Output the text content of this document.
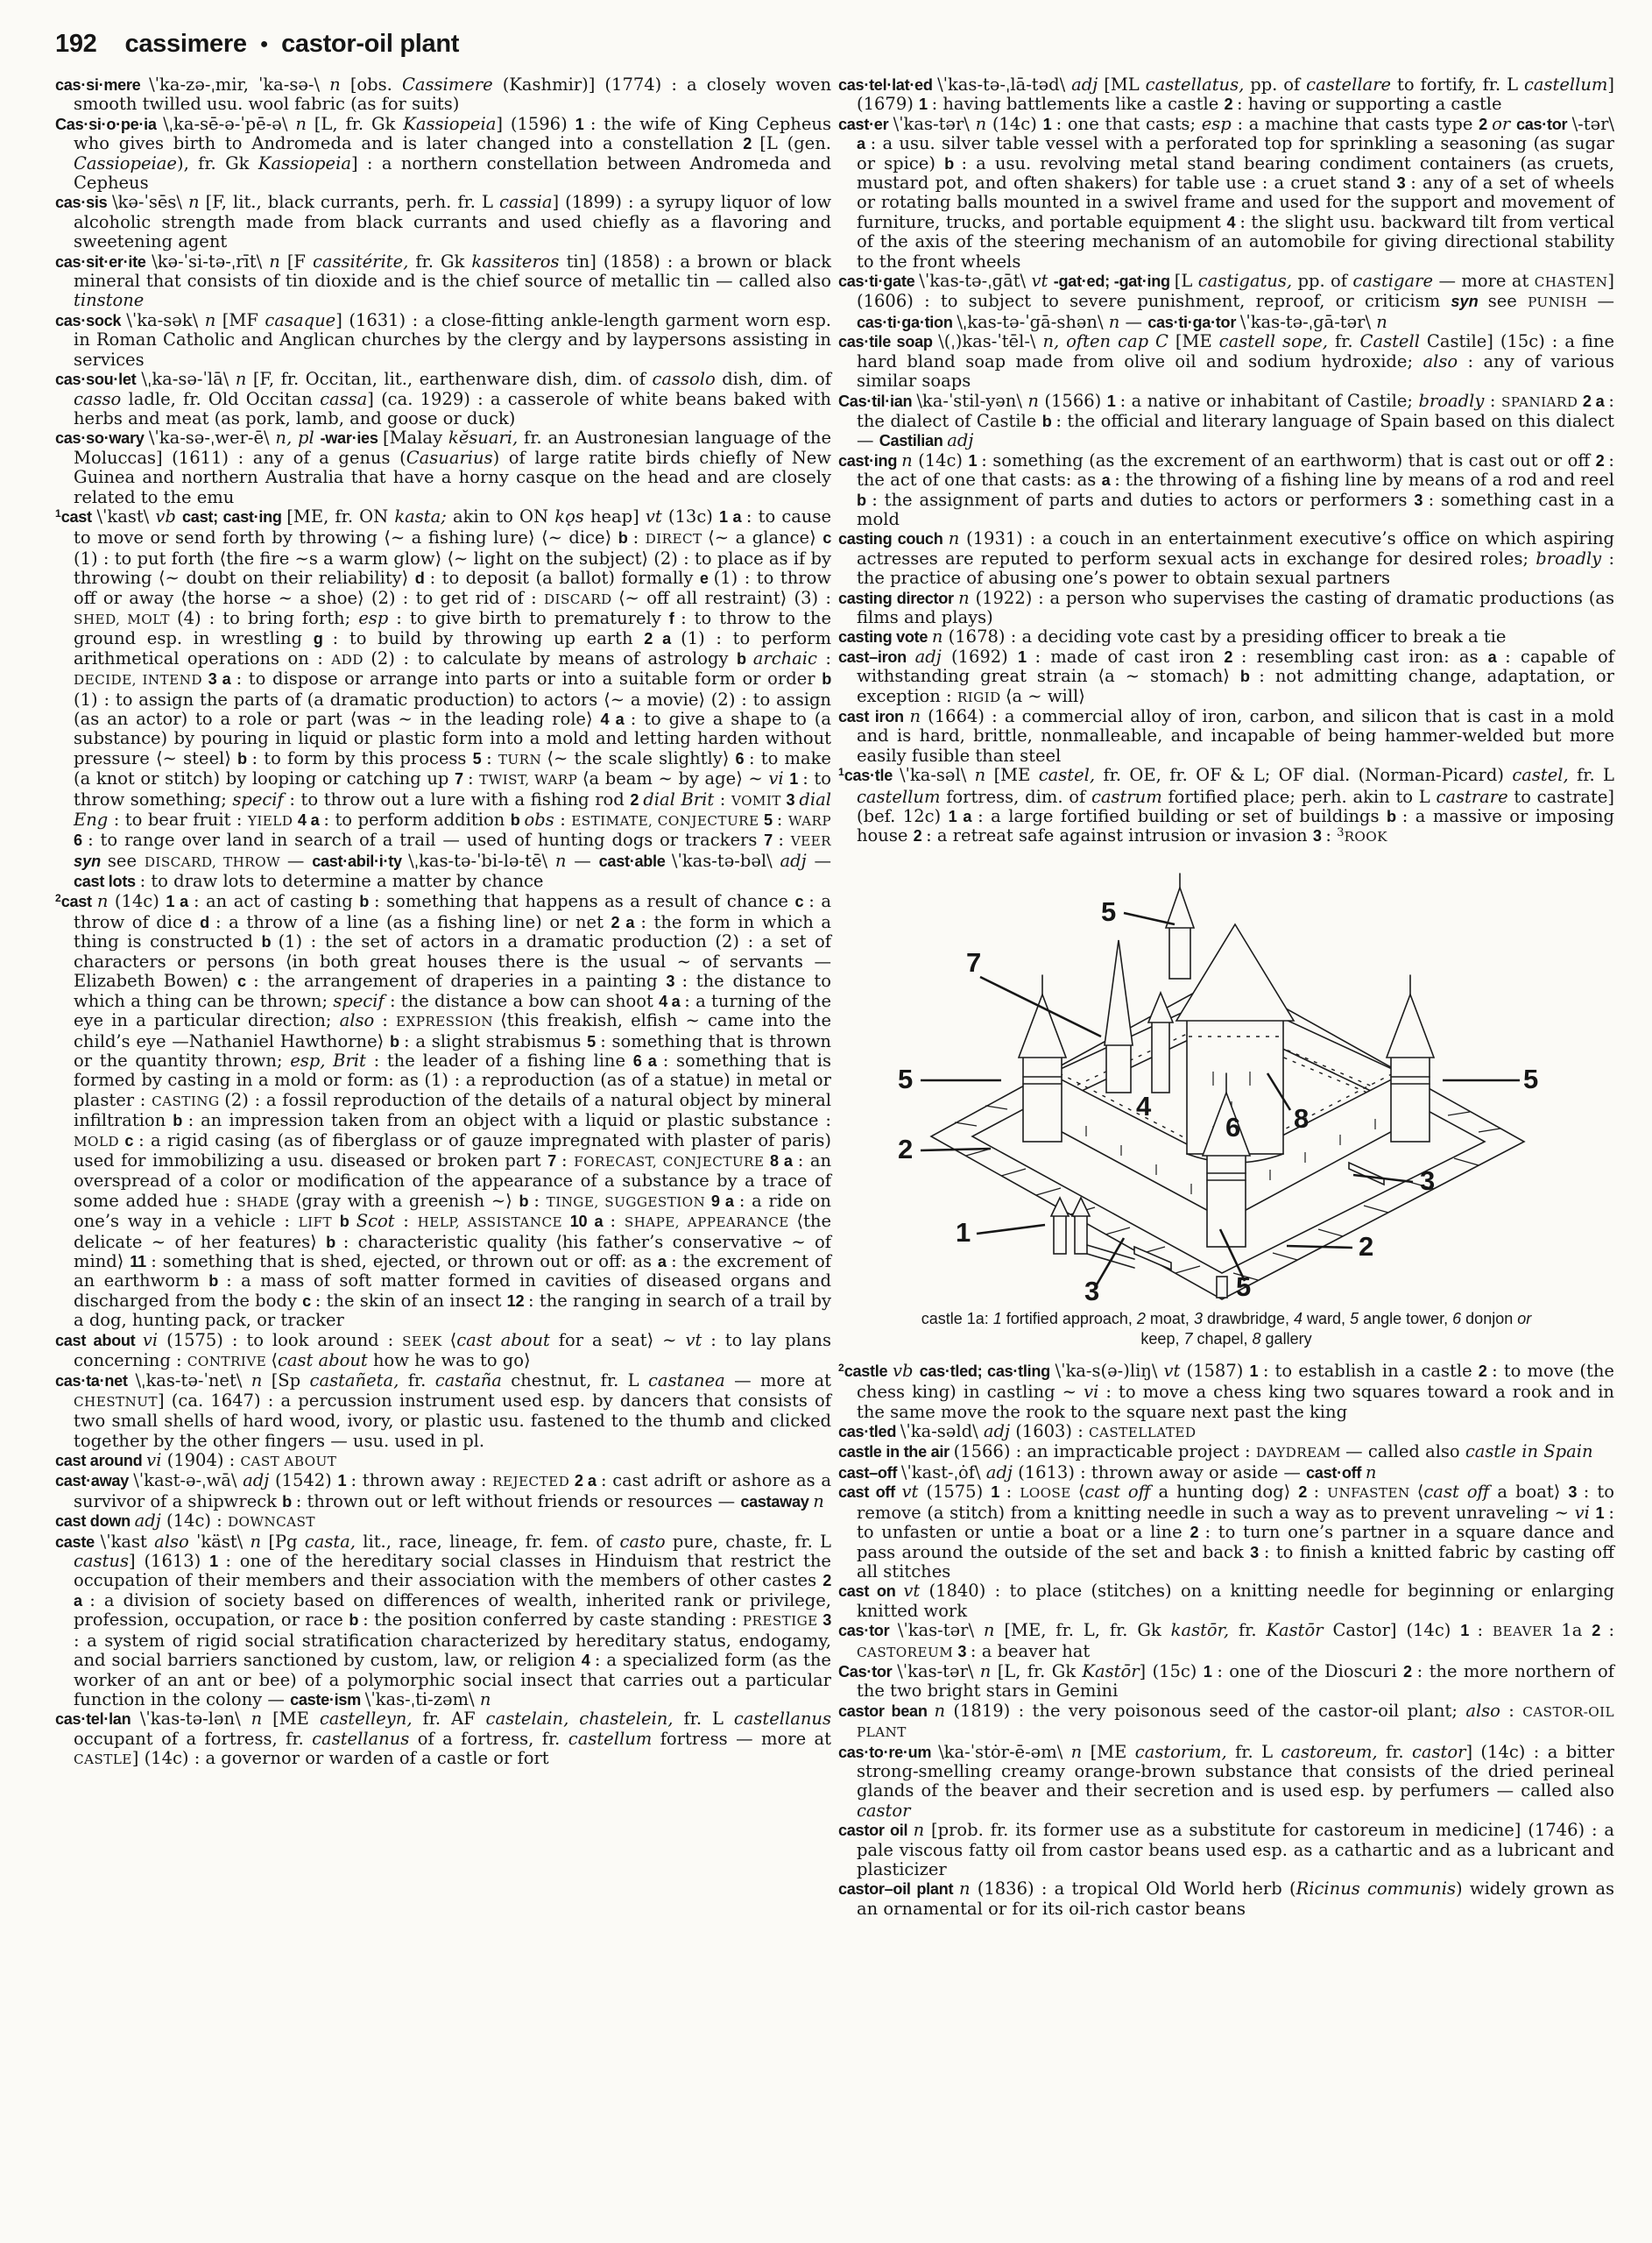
192 cassimere ● castor-oil plant

cas·si·mere \ˈka-zə-ˌmir, ˈka-sə-\ n [obs. Cassimere (Kashmir)] (1774) : a closely woven smooth twilled usu. wool fabric (as for suits)

Cas·si·o·pe·ia \ˌka-sē-ə-ˈpē-ə\ n [L, fr. Gk Kassiopeia] (1596) 1 : the wife of King Cepheus who gives birth to Andromeda and is later changed into a constellation 2 [L (gen. Cassiopeiae), fr. Gk Kassiopeia] : a northern constellation between Andromeda and Cepheus

cas·sis \kə-ˈsēs\ n [F, lit., black currants, perh. fr. L cassia] (1899) : a syrupy liquor of low alcoholic strength made from black currants and used chiefly as a flavoring and sweetening agent

cas·sit·er·ite \kə-ˈsi-tə-ˌrīt\ n [F cassitérite, fr. Gk kassiteros tin] (1858) : a brown or black mineral that consists of tin dioxide and is the chief source of metallic tin — called also tinstone

cas·sock \ˈka-sək\ n [MF casaque] (1631) : a close-fitting ankle-length garment worn esp. in Roman Catholic and Anglican churches by the clergy and by laypersons assisting in services

cas·sou·let \ˌka-sə-ˈlā\ n [F, fr. Occitan, lit., earthenware dish, dim. of cassolo dish, dim. of casso ladle, fr. Old Occitan cassa] (ca. 1929) : a casserole of white beans baked with herbs and meat (as pork, lamb, and goose or duck)

cas·so·wary \ˈka-sə-ˌwer-ē\ n, pl -war·ies [Malay kĕsuari, fr. an Austronesian language of the Moluccas] (1611) : any of a genus (Casuarius) of large ratite birds chiefly of New Guinea and northern Australia that have a horny casque on the head and are closely related to the emu

$^1$cast \ˈkast\ vb cast; cast·ing [ME, fr. ON kasta; akin to ON kǫs heap] vt (13c) 1 a : to cause to move or send forth by throwing ⟨∼ a fishing lure⟩ ⟨∼ dice⟩ b : DIRECT ⟨∼ a glance⟩ c (1) : to put forth ⟨the fire ∼s a warm glow⟩ ⟨∼ light on the subject⟩ (2) : to place as if by throwing ⟨∼ doubt on their reliability⟩ d : to deposit (a ballot) formally e (1) : to throw off or away ⟨the horse ∼ a shoe⟩ (2) : to get rid of : DISCARD ⟨∼ off all restraint⟩ (3) : SHED, MOLT (4) : to bring forth; esp : to give birth to prematurely f : to throw to the ground esp. in wrestling g : to build by throwing up earth 2 a (1) : to perform arithmetical operations on : ADD (2) : to calculate by means of astrology b archaic : DECIDE, INTEND 3 a : to dispose or arrange into parts or into a suitable form or order b (1) : to assign the parts of (a dramatic production) to actors ⟨∼ a movie⟩ (2) : to assign (as an actor) to a role or part ⟨was ∼ in the leading role⟩ 4 a : to give a shape to (a substance) by pouring in liquid or plastic form into a mold and letting harden without pressure ⟨∼ steel⟩ b : to form by this process 5 : TURN ⟨∼ the scale slightly⟩ 6 : to make (a knot or stitch) by looping or catching up 7 : TWIST, WARP ⟨a beam ∼ by age⟩ ∼ vi 1 : to throw something; specif : to throw out a lure with a fishing rod 2 dial Brit : VOMIT 3 dial Eng : to bear fruit : YIELD 4 a : to perform addition b obs : ESTIMATE, CONJECTURE 5 : WARP 6 : to range over land in search of a trail — used of hunting dogs or trackers 7 : VEER syn see DISCARD, THROW — cast·abil·i·ty \ˌkas-tə-ˈbi-lə-tē\ n — cast·able \ˈkas-tə-bəl\ adj — cast lots : to draw lots to determine a matter by chance

$^2$cast n (14c) 1 a : an act of casting b : something that happens as a result of chance c : a throw of dice d : a throw of a line (as a fishing line) or net 2 a : the form in which a thing is constructed b (1) : the set of actors in a dramatic production (2) : a set of characters or persons ⟨in both great houses there is the usual ∼ of servants —Elizabeth Bowen⟩ c : the arrangement of draperies in a painting 3 : the distance to which a thing can be thrown; specif : the distance a bow can shoot 4 a : a turning of the eye in a particular direction; also : EXPRESSION ⟨this freakish, elfish ∼ came into the child’s eye —Nathaniel Hawthorne⟩ b : a slight strabismus 5 : something that is thrown or the quantity thrown; esp, Brit : the leader of a fishing line 6 a : something that is formed by casting in a mold or form: as (1) : a reproduction (as of a statue) in metal or plaster : CASTING (2) : a fossil reproduction of the details of a natural object by mineral infiltration b : an impression taken from an object with a liquid or plastic substance : MOLD c : a rigid casing (as of fiberglass or of gauze impregnated with plaster of paris) used for immobilizing a usu. diseased or broken part 7 : FORECAST, CONJECTURE 8 a : an overspread of a color or modification of the appearance of a substance by a trace of some added hue : SHADE ⟨gray with a greenish ∼⟩ b : TINGE, SUGGESTION 9 a : a ride on one’s way in a vehicle : LIFT b Scot : HELP, ASSISTANCE 10 a : SHAPE, APPEARANCE ⟨the delicate ∼ of her features⟩ b : characteristic quality ⟨his father’s conservative ∼ of mind⟩ 11 : something that is shed, ejected, or thrown out or off: as a : the excrement of an earthworm b : a mass of soft matter formed in cavities of diseased organs and discharged from the body c : the skin of an insect 12 : the ranging in search of a trail by a dog, hunting pack, or tracker

cast about vi (1575) : to look around : SEEK ⟨cast about for a seat⟩ ∼ vt : to lay plans concerning : CONTRIVE ⟨cast about how he was to go⟩

cas·ta·net \ˌkas-tə-ˈnet\ n [Sp castañeta, fr. castaña chestnut, fr. L castanea — more at CHESTNUT] (ca. 1647) : a percussion instrument used esp. by dancers that consists of two small shells of hard wood, ivory, or plastic usu. fastened to the thumb and clicked together by the other fingers — usu. used in pl.

cast around vi (1904) : CAST ABOUT

cast·away \ˈkast-ə-ˌwā\ adj (1542) 1 : thrown away : REJECTED 2 a : cast adrift or ashore as a survivor of a shipwreck b : thrown out or left without friends or resources — castaway n

cast down adj (14c) : DOWNCAST

caste \ˈkast also ˈkäst\ n [Pg casta, lit., race, lineage, fr. fem. of casto pure, chaste, fr. L castus] (1613) 1 : one of the hereditary social classes in Hinduism that restrict the occupation of their members and their association with the members of other castes 2 a : a division of society based on differences of wealth, inherited rank or privilege, profession, occupation, or race b : the position conferred by caste standing : PRESTIGE 3 : a system of rigid social stratification characterized by hereditary status, endogamy, and social barriers sanctioned by custom, law, or religion 4 : a specialized form (as the worker of an ant or bee) of a polymorphic social insect that carries out a particular function in the colony — caste·ism \ˈkas-ˌti-zəm\ n

cas·tel·lan \ˈkas-tə-lən\ n [ME castelleyn, fr. AF castelain, chastelein, fr. L castellanus occupant of a fortress, fr. castellanus of a fortress, fr. castellum fortress — more at CASTLE] (14c) : a governor or warden of a castle or fort

cas·tel·lat·ed \ˈkas-tə-ˌlā-təd\ adj [ML castellatus, pp. of castellare to fortify, fr. L castellum] (1679) 1 : having battlements like a castle 2 : having or supporting a castle

cast·er \ˈkas-tər\ n (14c) 1 : one that casts; esp : a machine that casts type 2 or cas·tor \-tər\ a : a usu. silver table vessel with a perforated top for sprinkling a seasoning (as sugar or spice) b : a usu. revolving metal stand bearing condiment containers (as cruets, mustard pot, and often shakers) for table use : a cruet stand 3 : any of a set of wheels or rotating balls mounted in a swivel frame and used for the support and movement of furniture, trucks, and portable equipment 4 : the slight usu. backward tilt from vertical of the axis of the steering mechanism of an automobile for giving directional stability to the front wheels

cas·ti·gate \ˈkas-tə-ˌgāt\ vt -gat·ed; -gat·ing [L castigatus, pp. of castigare — more at CHASTEN] (1606) : to subject to severe punishment, reproof, or criticism syn see PUNISH — cas·ti·ga·tion \ˌkas-tə-ˈgā-shən\ n — cas·ti·ga·tor \ˈkas-tə-ˌgā-tər\ n

cas·tile soap \(ˌ)kas-ˈtēl-\ n, often cap C [ME castell sope, fr. Castell Castile] (15c) : a fine hard bland soap made from olive oil and sodium hydroxide; also : any of various similar soaps

Cas·til·ian \ka-ˈstil-yən\ n (1566) 1 : a native or inhabitant of Castile; broadly : SPANIARD 2 a : the dialect of Castile b : the official and literary language of Spain based on this dialect — Castilian adj

cast·ing n (14c) 1 : something (as the excrement of an earthworm) that is cast out or off 2 : the act of one that casts: as a : the throwing of a fishing line by means of a rod and reel b : the assignment of parts and duties to actors or performers 3 : something cast in a mold

casting couch n (1931) : a couch in an entertainment executive’s office on which aspiring actresses are reputed to perform sexual acts in exchange for desired roles; broadly : the practice of abusing one’s power to obtain sexual partners

casting director n (1922) : a person who supervises the casting of dramatic productions (as films and plays)

casting vote n (1678) : a deciding vote cast by a presiding officer to break a tie

cast–iron adj (1692) 1 : made of cast iron 2 : resembling cast iron: as a : capable of withstanding great strain ⟨a ∼ stomach⟩ b : not admitting change, adaptation, or exception : RIGID ⟨a ∼ will⟩

cast iron n (1664) : a commercial alloy of iron, carbon, and silicon that is cast in a mold and is hard, brittle, nonmalleable, and incapable of being hammer-welded but more easily fusible than steel

$^1$cas·tle \ˈka-səl\ n [ME castel, fr. OE, fr. OF & L; OF dial. (Norman-Picard) castel, fr. L castellum fortress, dim. of castrum fortified place; perh. akin to L castrare to castrate] (bef. 12c) 1 a : a large fortified building or set of buildings b : a massive or imposing house 2 : a retreat safe against intrusion or invasion 3 : $^3$ROOK

5
7
5
2
1
3	5
2
3
5
4
6 8
castle 1a: 1 fortified approach, 2 moat, 3 drawbridge, 4 ward, 5 angle tower, 6 donjon or keep, 7 chapel, 8 gallery

$^2$castle vb cas·tled; cas·tling \ˈka-s(ə-)liŋ\ vt (1587) 1 : to establish in a castle 2 : to move (the chess king) in castling ∼ vi : to move a chess king two squares toward a rook and in the same move the rook to the square next past the king

cas·tled \ˈka-səld\ adj (1603) : CASTELLATED

castle in the air (1566) : an impracticable project : DAYDREAM — called also castle in Spain

cast–off \ˈkast-ˌȯf\ adj (1613) : thrown away or aside — cast·off n

cast off vt (1575) 1 : LOOSE ⟨cast off a hunting dog⟩ 2 : UNFASTEN ⟨cast off a boat⟩ 3 : to remove (a stitch) from a knitting needle in such a way as to prevent unraveling ∼ vi 1 : to unfasten or untie a boat or a line 2 : to turn one’s partner in a square dance and pass around the outside of the set and back 3 : to finish a knitted fabric by casting off all stitches

cast on vt (1840) : to place (stitches) on a knitting needle for beginning or enlarging knitted work

cas·tor \ˈkas-tər\ n [ME, fr. L, fr. Gk kastōr, fr. Kastōr Castor] (14c) 1 : BEAVER 1a 2 : CASTOREUM 3 : a beaver hat

Cas·tor \ˈkas-tər\ n [L, fr. Gk Kastōr] (15c) 1 : one of the Dioscuri 2 : the more northern of the two bright stars in Gemini

castor bean n (1819) : the very poisonous seed of the castor-oil plant; also : CASTOR-OIL PLANT

cas·to·re·um \ka-ˈstȯr-ē-əm\ n [ME castorium, fr. L castoreum, fr. castor] (14c) : a bitter strong-smelling creamy orange-brown substance that consists of the dried perineal glands of the beaver and their secretion and is used esp. by perfumers — called also castor

castor oil n [prob. fr. its former use as a substitute for castoreum in medicine] (1746) : a pale viscous fatty oil from castor beans used esp. as a cathartic and as a lubricant and plasticizer

castor–oil plant n (1836) : a tropical Old World herb (Ricinus communis) widely grown as an ornamental or for its oil-rich castor beans
